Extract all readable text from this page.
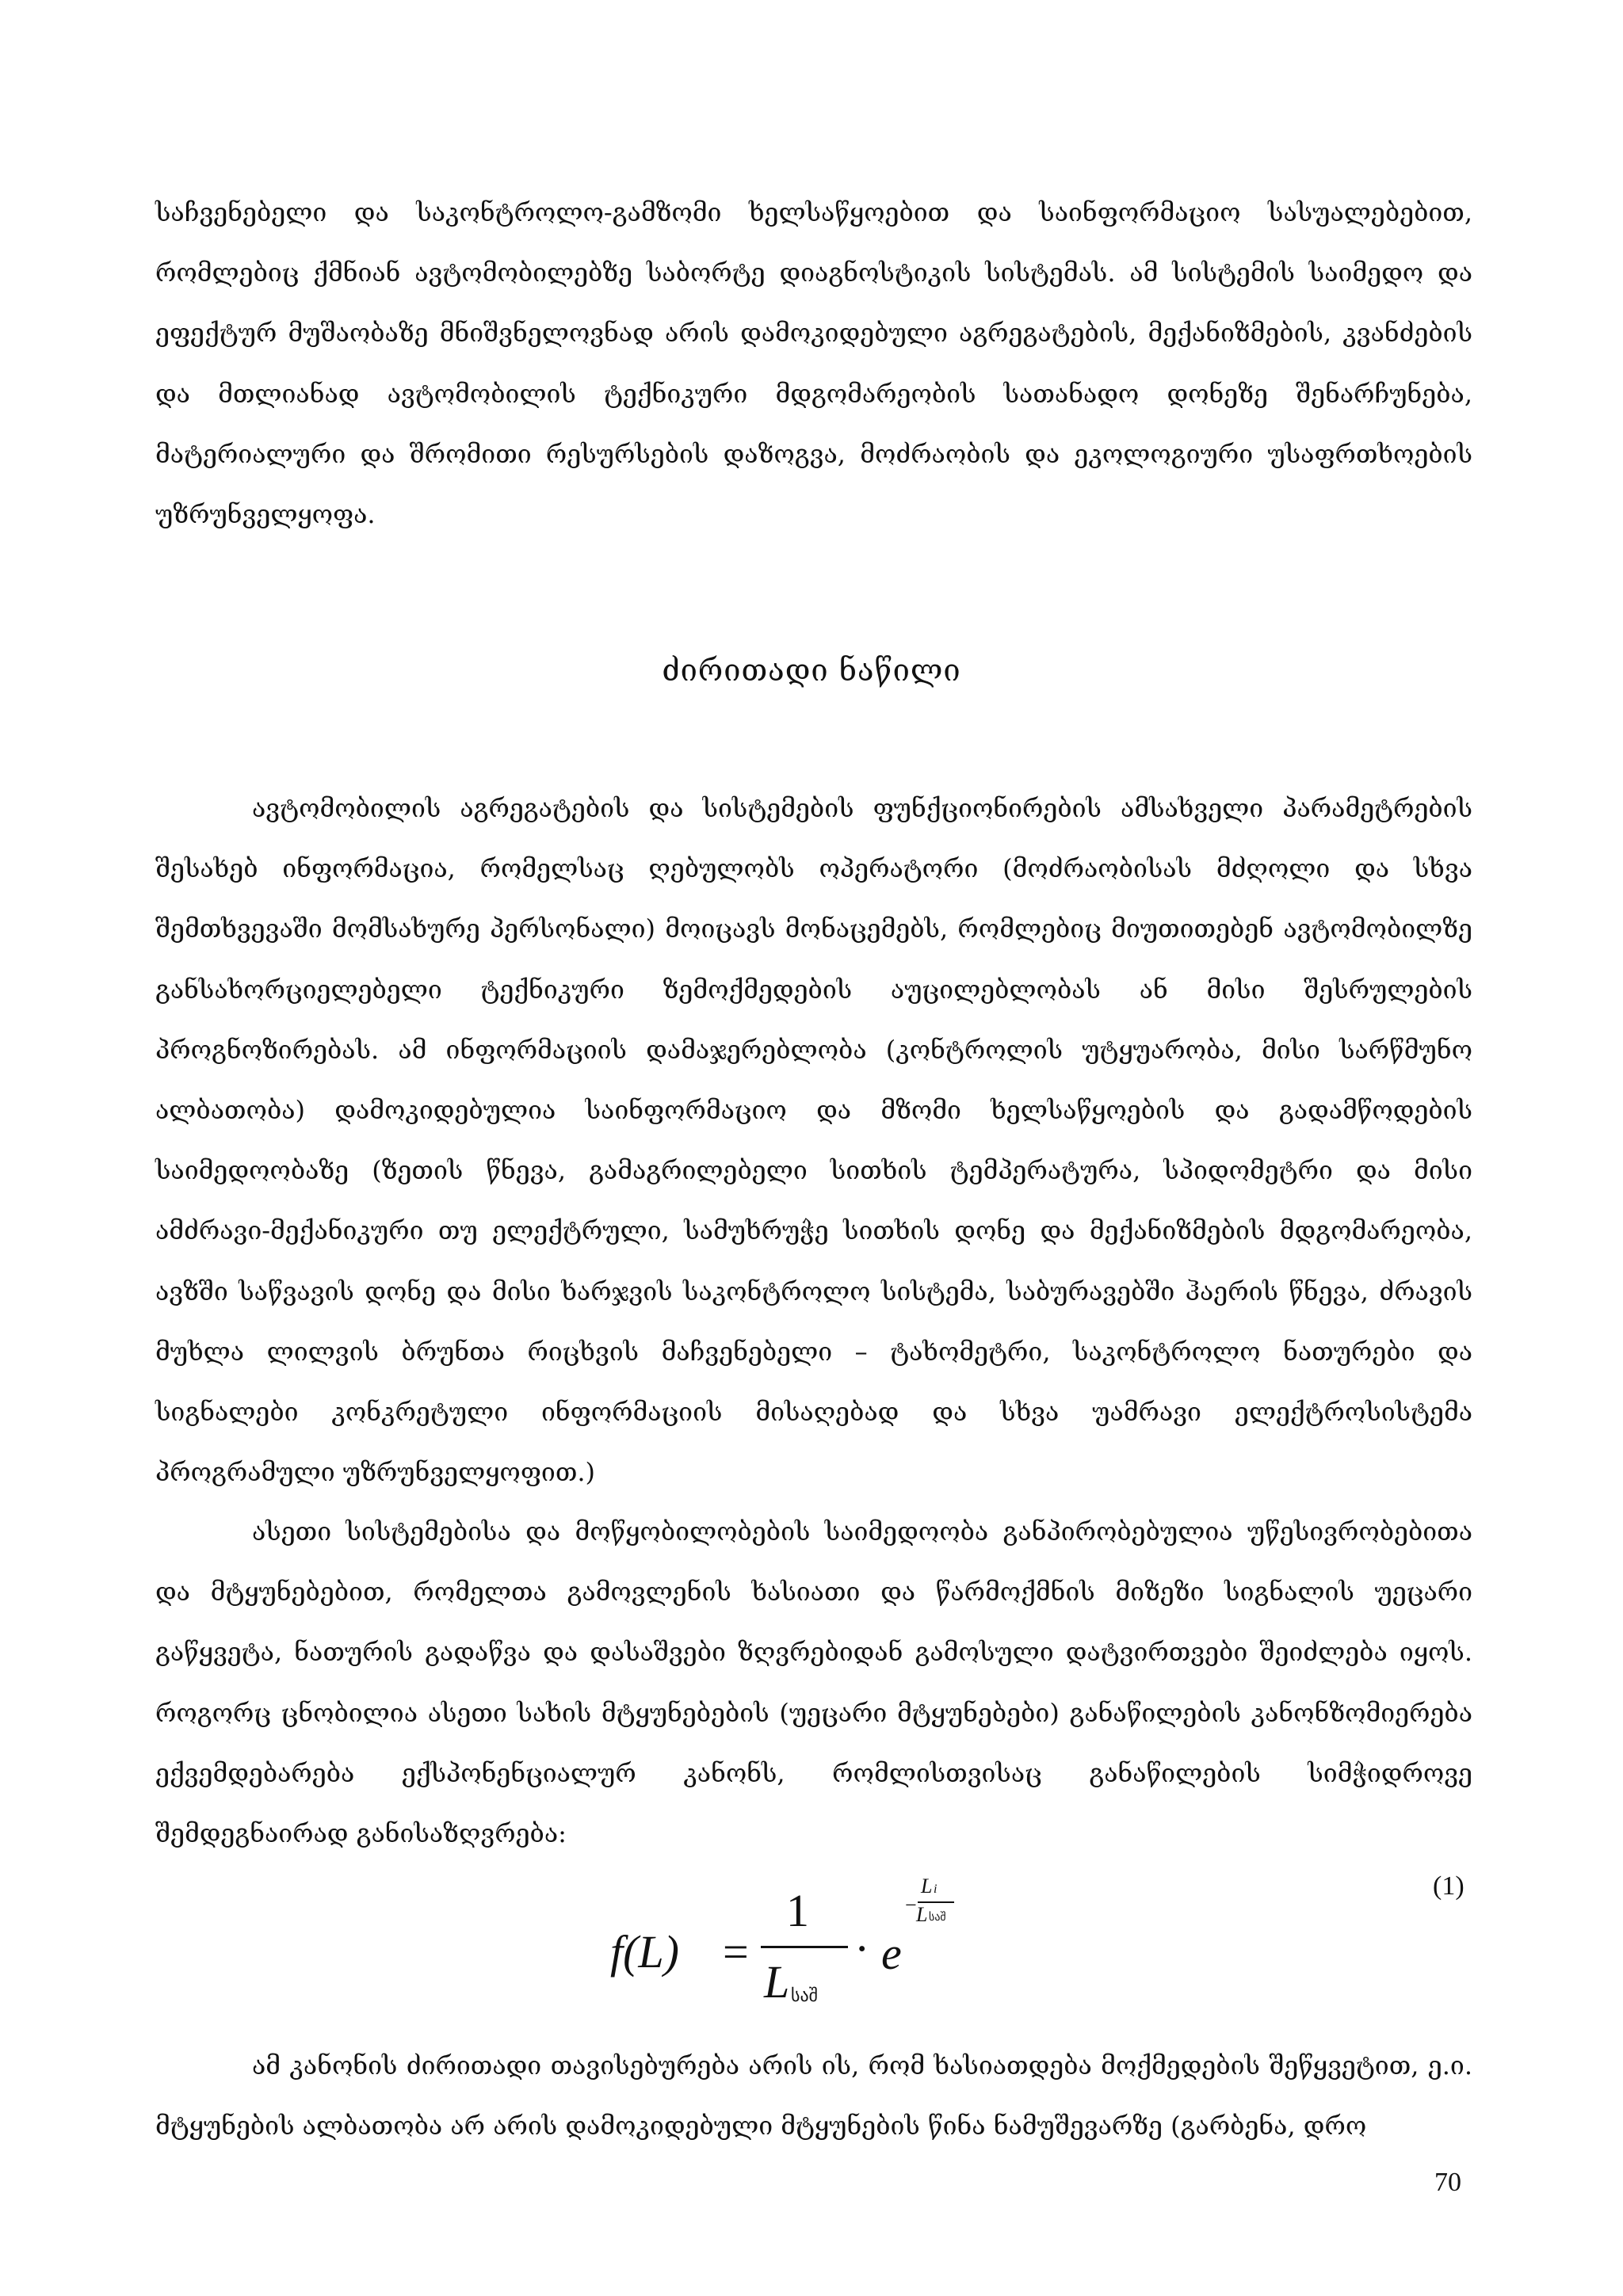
საჩვენებელი და საკონტროლო-გამზომი ხელსაწყოებით და საინფორმაციო სასუალებებით, რომლებიც ქმნიან ავტომობილებზე საბორტე დიაგნოსტიკის სისტემას. ამ სისტემის საიმედო და ეფექტურ მუშაობაზე მნიშვნელოვნად არის დამოკიდებული აგრეგატების, მექანიზმების, კვანძების და მთლიანად ავტომობილის ტექნიკური მდგომარეობის სათანადო დონეზე შენარჩუნება, მატერიალური და შრომითი რესურსების დაზოგვა, მოძრაობის და ეკოლოგიური უსაფრთხოების უზრუნველყოფა.

ძირითადი ნაწილი

ავტომობილის აგრეგატების და სისტემების ფუნქციონირების ამსახველი პარამეტრების შესახებ ინფორმაცია, რომელსაც ღებულობს ოპერატორი (მოძრაობისას მძღოლი და სხვა შემთხვევაში მომსახურე პერსონალი) მოიცავს მონაცემებს, რომლებიც მიუთითებენ ავტომობილზე განსახორციელებელი ტექნიკური ზემოქმედების აუცილებლობას ან მისი შესრულების პროგნოზირებას. ამ ინფორმაციის დამაჯერებლობა (კონტროლის უტყუარობა, მისი სარწმუნო ალბათობა) დამოკიდებულია საინფორმაციო და მზომი ხელსაწყოების და გადამწოდების საიმედოობაზე (ზეთის წნევა, გამაგრილებელი სითხის ტემპერატურა, სპიდომეტრი და მისი ამძრავი-მექანიკური თუ ელექტრული, სამუხრუჭე სითხის დონე და მექანიზმების მდგომარეობა, ავზში საწვავის დონე და მისი ხარჯვის საკონტროლო სისტემა, საბურავებში ჰაერის წნევა, ძრავის მუხლა ლილვის ბრუნთა რიცხვის მაჩვენებელი – ტახომეტრი, საკონტროლო ნათურები და სიგნალები კონკრეტული ინფორმაციის მისაღებად და სხვა უამრავი ელექტროსისტემა პროგრამული უზრუნველყოფით.)

ასეთი სისტემებისა და მოწყობილობების საიმედოობა განპირობებულია უწესივრობებითა და მტყუნებებით, რომელთა გამოვლენის ხასიათი და წარმოქმნის მიზეზი სიგნალის უეცარი გაწყვეტა, ნათურის გადაწვა და დასაშვები ზღვრებიდან გამოსული დატვირთვები შეიძლება იყოს. როგორც ცნობილია ასეთი სახის მტყუნებების (უეცარი მტყუნებები) განაწილების კანონზომიერება ექვემდებარება ექსპონენციალურ კანონს, რომლისთვისაც განაწილების სიმჭიდროვე შემდეგნაირად განისაზღვრება:

f(L) =
1
L საშ
· e
−
L i
L საშ
(1)

ამ კანონის ძირითადი თავისებურება არის ის, რომ ხასიათდება მოქმედების შეწყვეტით, ე.ი. მტყუნების ალბათობა არ არის დამოკიდებული მტყუნების წინა ნამუშევარზე (გარბენა, დრო

70
